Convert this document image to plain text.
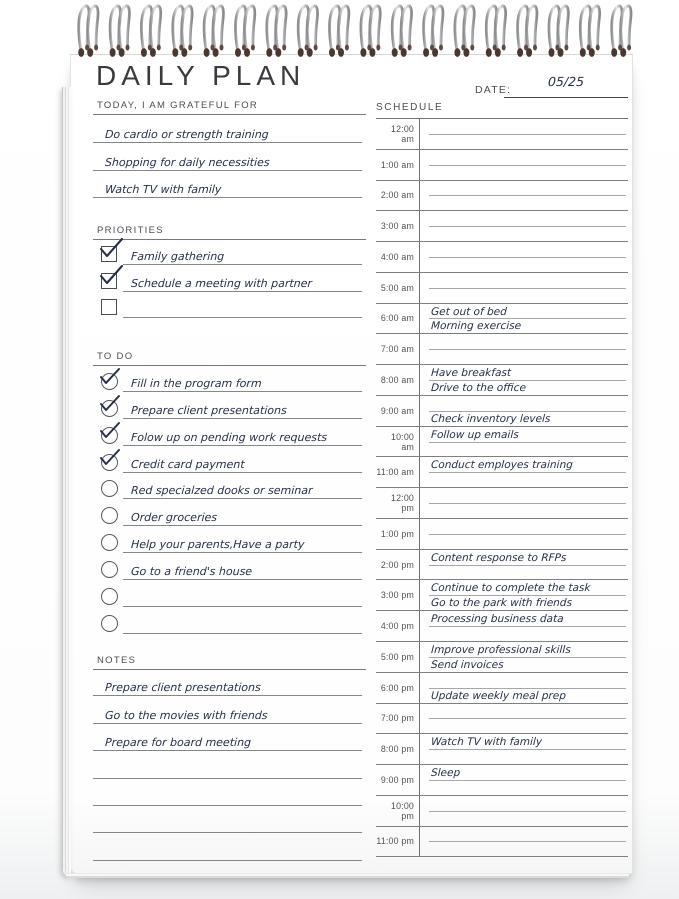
DAILY PLAN	DATE:
05/25
TODAY, I AM GRATEFUL FOR
Do cardio or strength training
Shopping for daily necessities
Watch TV with family
PRIORITIES
Family gathering
Schedule a meeting with partner
TO DO
Fill in the program form
Prepare client presentations
Folow up on pending work requests
Credit card payment
Red specialzed dooks or seminar
Order groceries
Help your parents,Have a party
Go to a friend's house
NOTES
Prepare client presentations
Go to the movies with friends
Prepare for board meeting
SCHEDULE
12:00 am
1:00 am
2:00 am
3:00 am
4:00 am
5:00 am
6:00 am
Get out of bed
Morning exercise
7:00 am
8:00 am
Have breakfast
Drive to the office
9:00 am
Check inventory levels
10:00 am
Follow up emails
11:00 am
Conduct employes training
12:00 pm
1:00 pm
2:00 pm
Content response to RFPs
3:00 pm
Continue to complete the task
Go to the park with friends
4:00 pm
Processing business data
5:00 pm
Improve professional skills
Send invoices
6:00 pm
Update weekly meal prep
7:00 pm
8:00 pm
Watch TV with family
9:00 pm
Sleep
10:00 pm
11:00 pm
